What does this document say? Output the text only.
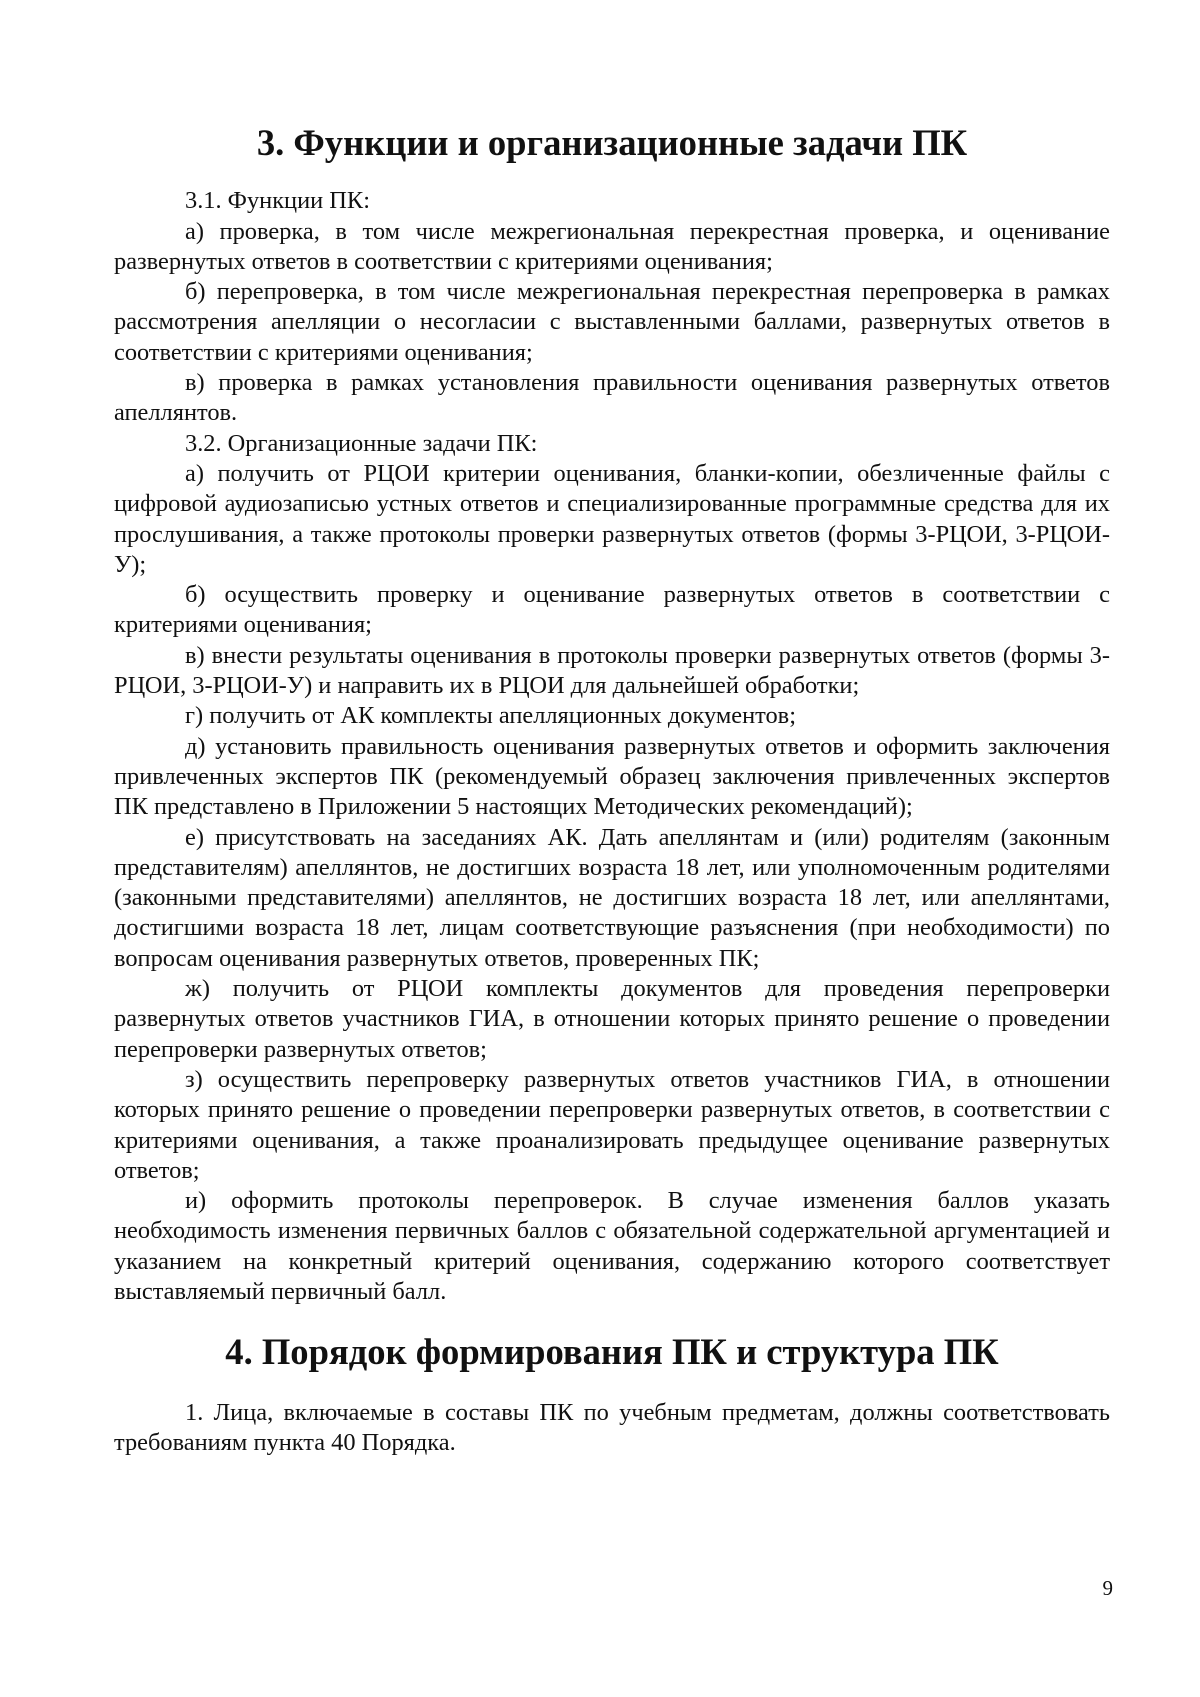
3. Функции и организационные задачи ПК

3.1. Функции ПК:

а) проверка, в том числе межрегиональная перекрестная проверка, и оценивание развернутых ответов в соответствии с критериями оценивания;

б) перепроверка, в том числе межрегиональная перекрестная перепроверка в рамках рассмотрения апелляции о несогласии с выставленными баллами, развернутых ответов в соответствии с критериями оценивания;

в) проверка в рамках установления правильности оценивания развернутых ответов апеллянтов.

3.2. Организационные задачи ПК:

а) получить от РЦОИ критерии оценивания, бланки-копии, обезличенные файлы с цифровой аудиозаписью устных ответов и специализированные программные средства для их прослушивания, а также протоколы проверки развернутых ответов (формы 3-РЦОИ, 3-РЦОИ-У);

б) осуществить проверку и оценивание развернутых ответов в соответствии с критериями оценивания;

в) внести результаты оценивания в протоколы проверки развернутых ответов (формы 3-РЦОИ, 3-РЦОИ-У) и направить их в РЦОИ для дальнейшей обработки;

г) получить от АК комплекты апелляционных документов;

д) установить правильность оценивания развернутых ответов и оформить заключения привлеченных экспертов ПК (рекомендуемый образец заключения привлеченных экспертов ПК представлено в Приложении 5 настоящих Методических рекомендаций);

е) присутствовать на заседаниях АК. Дать апеллянтам и (или) родителям (законным представителям) апеллянтов, не достигших возраста 18 лет, или уполномоченным родителями (законными представителями) апеллянтов, не достигших возраста 18 лет, или апеллянтами, достигшими возраста 18 лет, лицам соответствующие разъяснения (при необходимости) по вопросам оценивания развернутых ответов, проверенных ПК;

ж) получить от РЦОИ комплекты документов для проведения перепроверки развернутых ответов участников ГИА, в отношении которых принято решение о проведении перепроверки развернутых ответов;

з) осуществить перепроверку развернутых ответов участников ГИА, в отношении которых принято решение о проведении перепроверки развернутых ответов, в соответствии с критериями оценивания, а также проанализировать предыдущее оценивание развернутых ответов;

и) оформить протоколы перепроверок. В случае изменения баллов указать необходимость изменения первичных баллов с обязательной содержательной аргументацией и указанием на конкретный критерий оценивания, содержанию которого соответствует выставляемый первичный балл.

4. Порядок формирования ПК и структура ПК

1. Лица, включаемые в составы ПК по учебным предметам, должны соответствовать требованиям пункта 40 Порядка.

9
